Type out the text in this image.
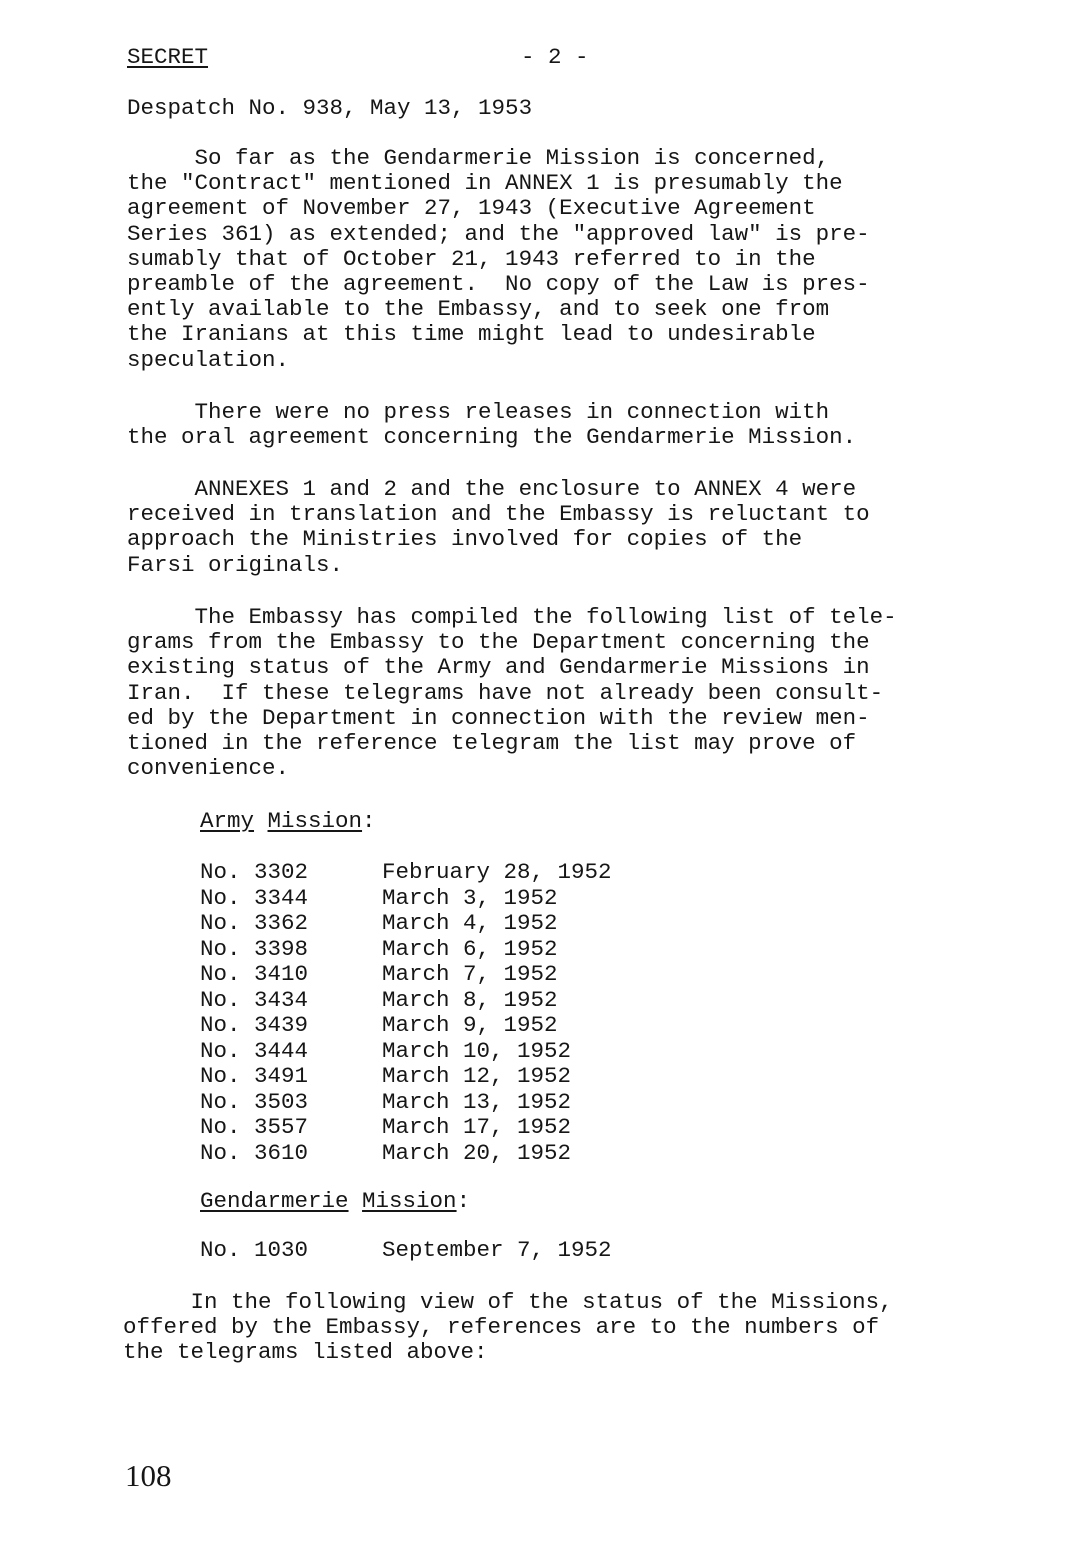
SECRET	- 2 -
Despatch No. 938, May 13, 1953
So far as the Gendarmerie Mission is concerned,
the "Contract" mentioned in ANNEX 1 is presumably the
agreement of November 27, 1943 (Executive Agreement
Series 361) as extended; and the "approved law" is pre-
sumably that of October 21, 1943 referred to in the
preamble of the agreement.  No copy of the Law is pres-
ently available to the Embassy, and to seek one from
the Iranians at this time might lead to undesirable
speculation.
There were no press releases in connection with
the oral agreement concerning the Gendarmerie Mission.
ANNEXES 1 and 2 and the enclosure to ANNEX 4 were
received in translation and the Embassy is reluctant to
approach the Ministries involved for copies of the
Farsi originals.
The Embassy has compiled the following list of tele-
grams from the Embassy to the Department concerning the
existing status of the Army and Gendarmerie Missions in
Iran.  If these telegrams have not already been consult-
ed by the Department in connection with the review men-
tioned in the reference telegram the list may prove of
convenience.
Army Mission:
No. 3302	February 28, 1952
No. 3344	March 3, 1952
No. 3362	March 4, 1952
No. 3398	March 6, 1952
No. 3410	March 7, 1952
No. 3434	March 8, 1952
No. 3439	March 9, 1952
No. 3444	March 10, 1952
No. 3491	March 12, 1952
No. 3503	March 13, 1952
No. 3557	March 17, 1952
No. 3610	March 20, 1952
Gendarmerie Mission:
No. 1030	September 7, 1952
In the following view of the status of the Missions,
offered by the Embassy, references are to the numbers of
the telegrams listed above:
108
